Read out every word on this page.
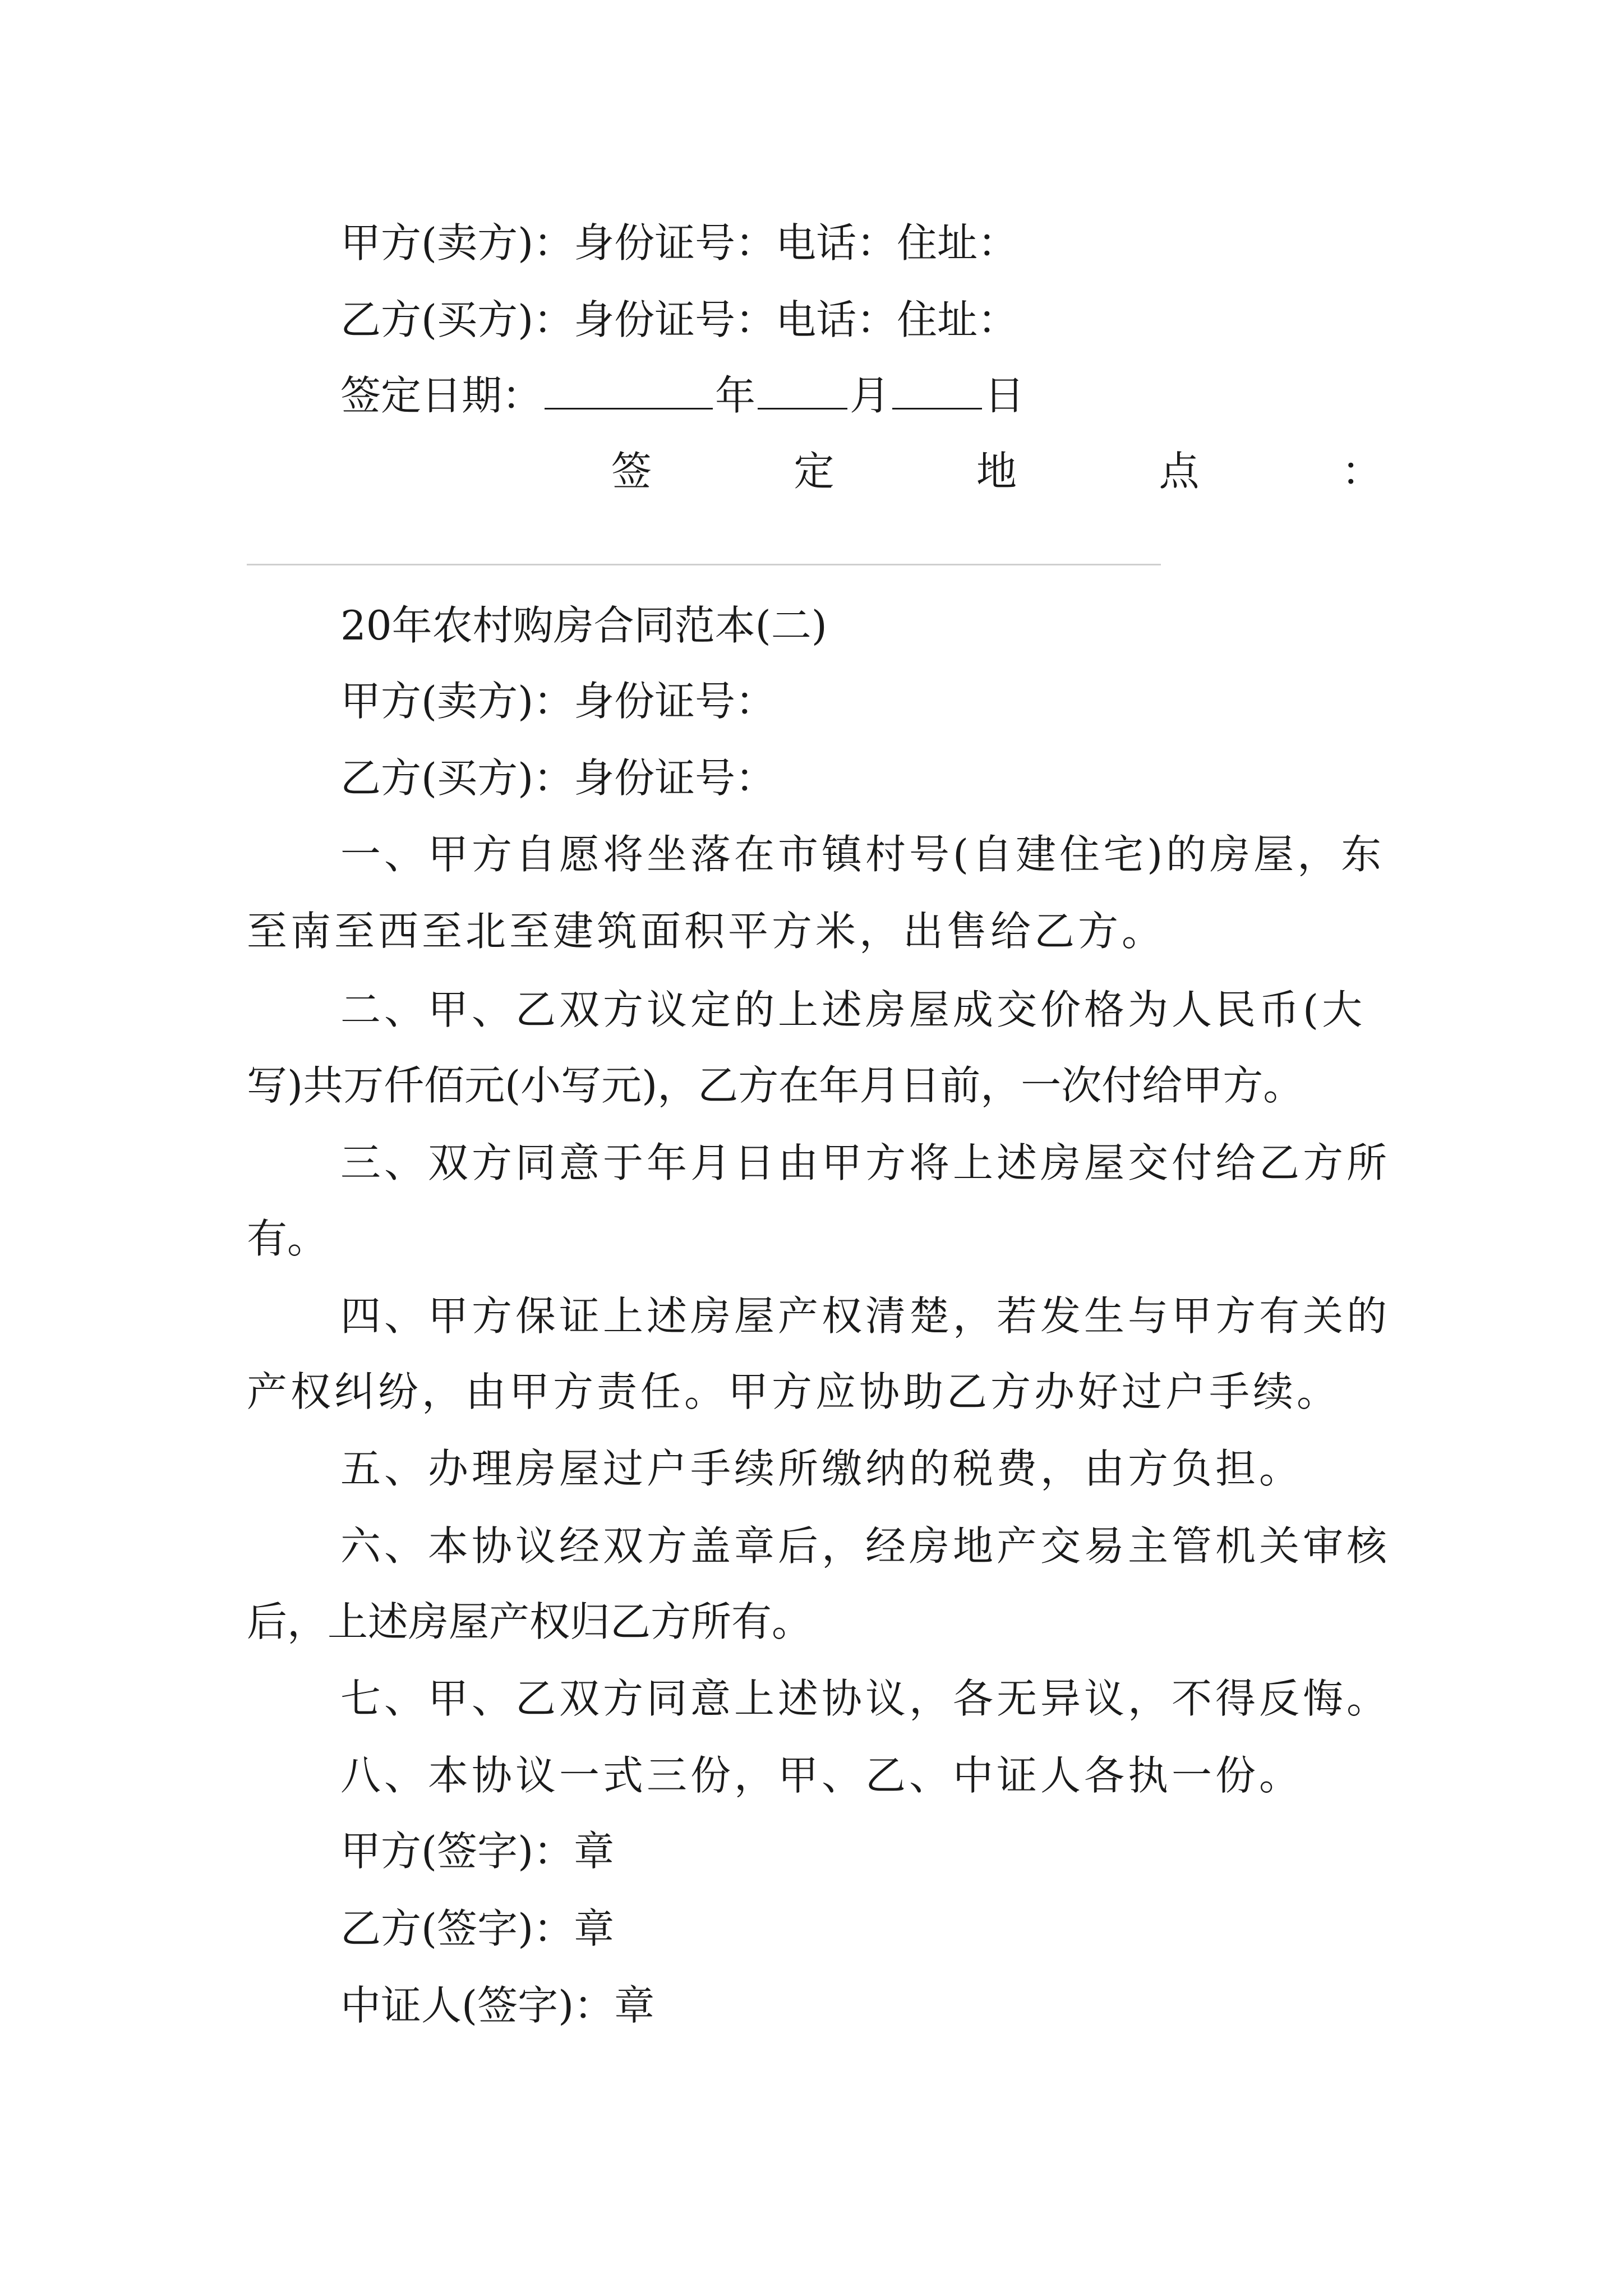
甲方(卖方)：身份证号：电话：住址：
乙方(买方)：身份证号：电话：住址：
签定日期：	年 月 日
签	定	地	点	：
20年农村购房合同范本(二)
甲方(卖方)：身份证号：
乙方(买方)：身份证号：
一、甲方自愿将坐落在市镇村号(自建住宅)的房屋，东
至南至西至北至建筑面积平方米，出售给乙方。
二、甲、乙双方议定的上述房屋成交价格为人民币(大
写)共万仟佰元(小写元)，乙方在年月日前，一次付给甲方。
三、双方同意于年月日由甲方将上述房屋交付给乙方所
有。
四、甲方保证上述房屋产权清楚，若发生与甲方有关的
产权纠纷，由甲方责任。甲方应协助乙方办好过户手续。
五、办理房屋过户手续所缴纳的税费，由方负担。
六、本协议经双方盖章后，经房地产交易主管机关审核
后，上述房屋产权归乙方所有。
七、甲、乙双方同意上述协议，各无异议，不得反悔。
八、本协议一式三份，甲、乙、中证人各执一份。
甲方(签字)：章
乙方(签字)：章
中证人(签字)：章
